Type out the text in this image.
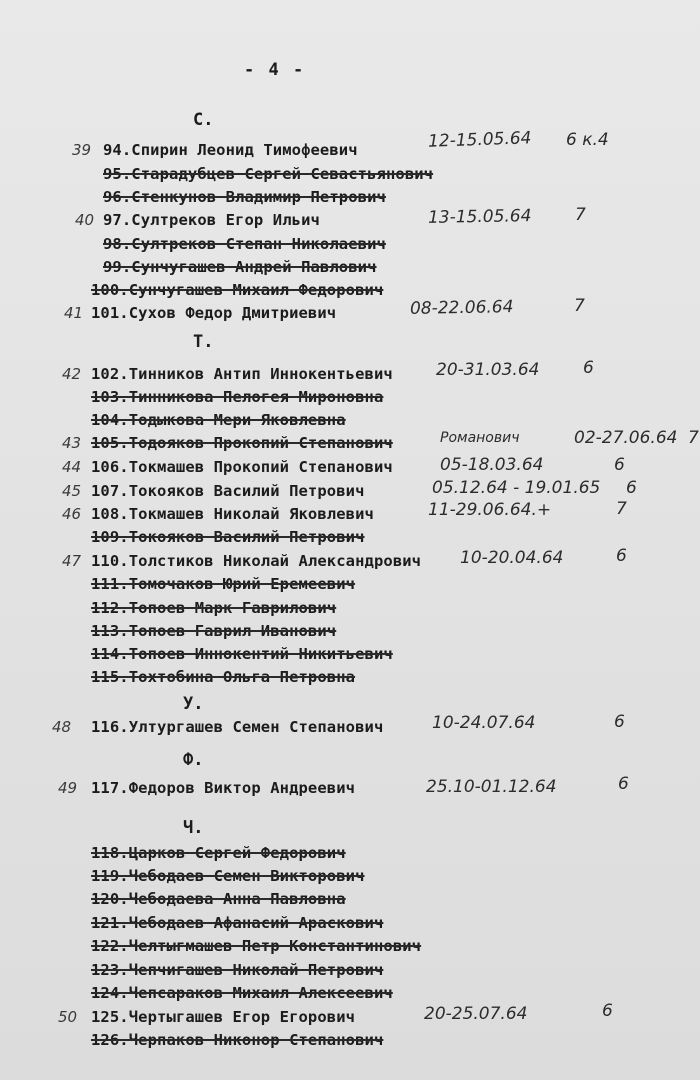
- 4 -
С.
39 94.Спирин Леонид Тимофеевич	12-15.05.64 6 к.4
95.Старадубцев Сергей Севастьянович
96.Стенкунов Владимир Петрович
40 97.Султреков Егор Ильич	13-15.05.64	7
98.Султреков Степан Николаевич
99.Сунчугашев Андрей Павлович
100.Сунчугашев Михаил Федорович
41 101.Сухов Федор Дмитриевич	08-22.06.64	7
Т.
42 102.Тинников Антип Иннокентьевич	20-31.03.64	6
103.Тинникова Пелогея Мироновна
104.Тодыкова Мери Яковлевна
43 105.Тодояков Прокопий Степанович	Романович	02-27.06.64 7
44 106.Токмашев Прокопий Степанович	05-18.03.64	6
45 107.Токояков Василий Петрович	05.12.64 - 19.01.65 6
46 108.Токмашев Николай Яковлевич	11-29.06.64.+	7
109.Токояков Василий Петрович
47 110.Толстиков Николай Александрович 10-20.04.64	6
111.Томочаков Юрий Еремеевич
112.Топоев Марк Гаврилович
113.Топоев Гаврил Иванович
114.Топоев Иннокентий Никитьевич
115.Тохтобина Ольга Петровна
У.
48 116.Ултургашев Семен Степанович	10-24.07.64	6
Ф.
49 117.Федоров Виктор Андреевич	25.10-01.12.64	6
Ч.
118.Царков Сергей Федорович
119.Чебодаев Семен Викторович
120.Чебодаева Анна Павловна
121.Чебодаев Афанасий Араскович
122.Челтыгмашев Петр Константинович
123.Чепчигашев Николай Петрович
124.Чепсараков Михаил Алексеевич
50 125.Чертыгашев Егор Егорович	20-25.07.64	6
126.Черпаков Никонор Степанович
